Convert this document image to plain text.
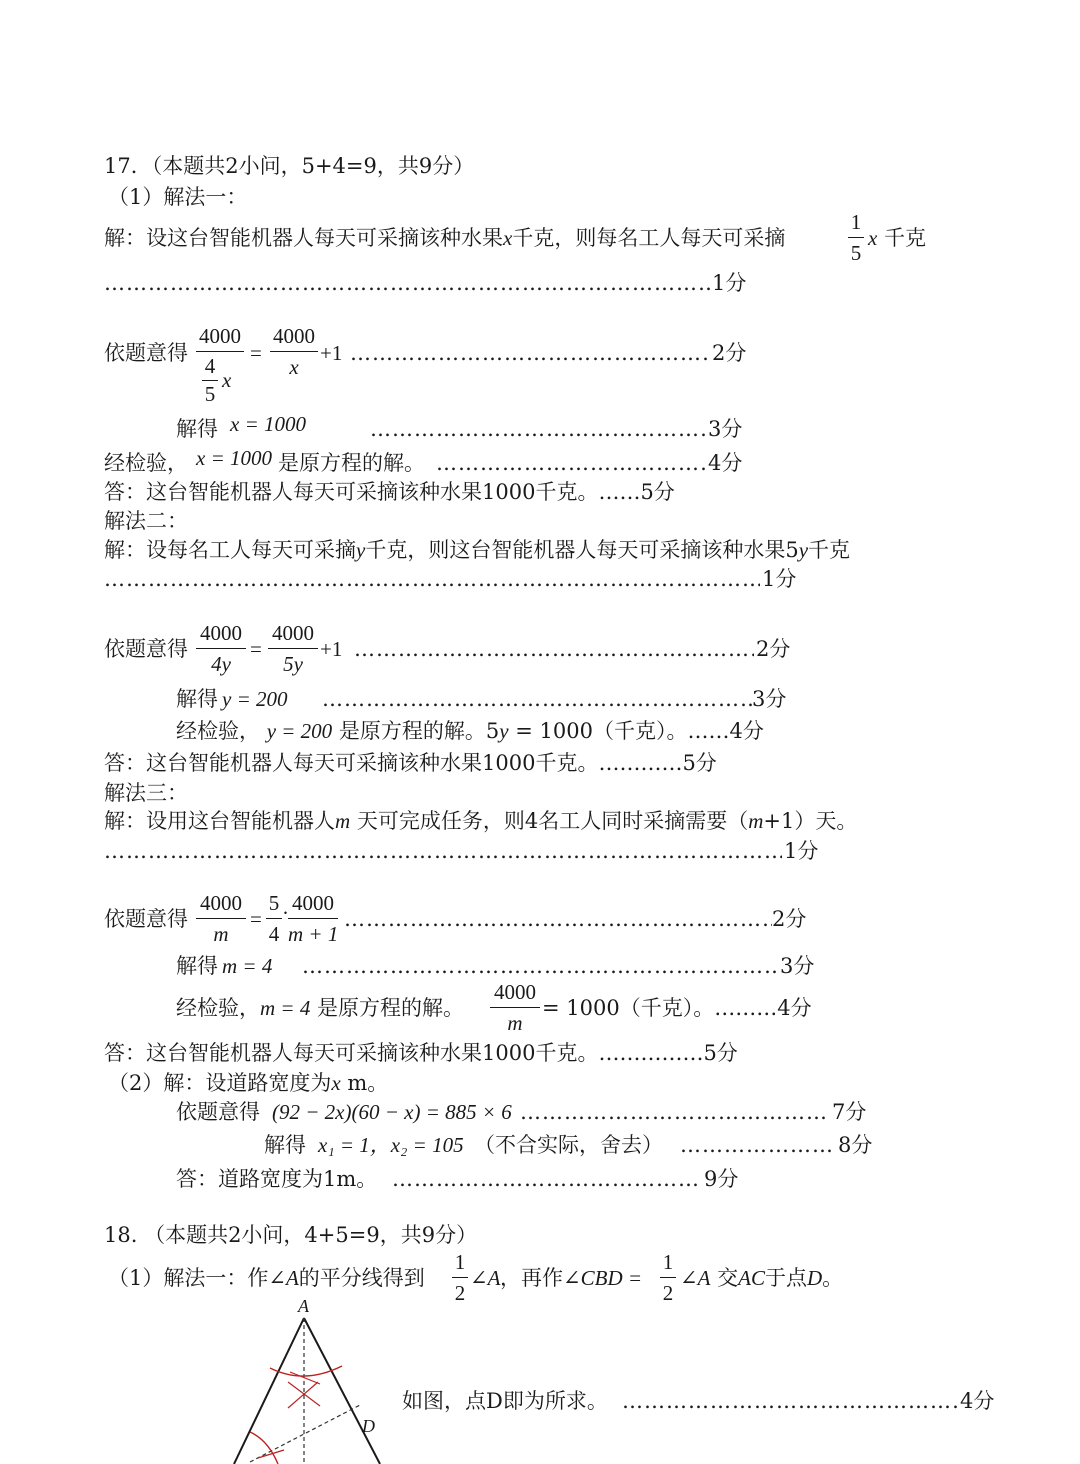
17．（本题共2小问，5+4=9，共9分）
（1）解法一：
解：设这台智能机器人每天可采摘该种水果x千克，则每名工人每天可采摘
1
5
x 千克
…………………………………………………………………………………………………………………
1分
依题意得
4000
4
5
x
=
4000
x
+1 …………………………………………………………………………………………………………………	2分
解得 x = 1000 …………………………………………………………………………………………………………………	3分
经检验， x = 1000 是原方程的解。 …………………………………………………………………………………………………………………	4分
答：这台智能机器人每天可采摘该种水果1000千克。……5分
解法二：
解：设每名工人每天可采摘y千克，则这台智能机器人每天可采摘该种水果5y千克
…………………………………………………………………………………………………………………
1分
依题意得
4000
4y
=
4000
5y
+1 …………………………………………………………………………………………………………………	2分
解得 y = 200 …………………………………………………………………………………………………………………	3分
经检验， y = 200 是原方程的解。5y = 1000（千克）。……4分
答：这台智能机器人每天可采摘该种水果1000千克。…………5分
解法三：
解：设用这台智能机器人m 天可完成任务，则4名工人同时采摘需要（m+1）天。
…………………………………………………………………………………………………………………
1分
依题意得
4000
m
=
5
4
· 4000
m + 1
…………………………………………………………………………………………………………………
2分
解得 m = 4 …………………………………………………………………………………………………………………	3分
经检验，m = 4 是原方程的解。
4000
m
= 1000（千克）。………4分
答：这台智能机器人每天可采摘该种水果1000千克。……………5分
（2）解：设道路宽度为x m。
依题意得 (92 − 2x)(60 − x) = 885 × 6 …………………………………………………………………………………………………………………	7分
解得 x₁ = 1，x₂ = 105 （不合实际，舍去） …………………………………………………………………………………………………………………	8分
答：道路宽度为1m。 …………………………………………………………………………………………………………………	9分
18. （本题共2小问，4+5=9，共9分）
（1）解法一：作∠A的平分线得到
1
2
∠A ，再作∠CBD =
1
2
∠A 交AC于点D。
A
D
如图，点D即为所求。 …………………………………………………………………………………………………………………	4分
